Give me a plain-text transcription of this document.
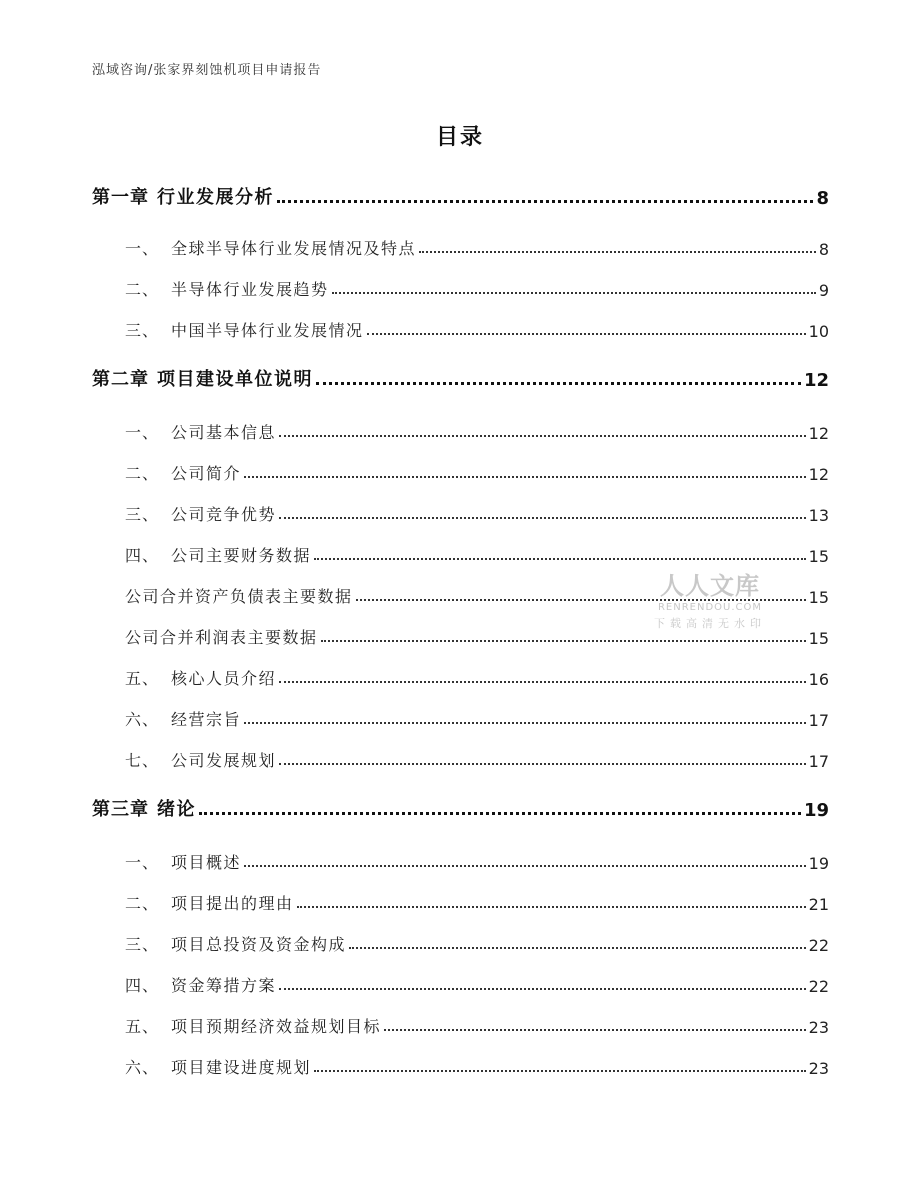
泓域咨询/张家界刻蚀机项目申请报告
目录
第一章 行业发展分析	8
一、 全球半导体行业发展情况及特点	8
二、 半导体行业发展趋势	9
三、 中国半导体行业发展情况	10
第二章 项目建设单位说明	12
一、 公司基本信息	12
二、 公司简介	12
三、 公司竞争优势	13
四、 公司主要财务数据	15
公司合并资产负债表主要数据	15
公司合并利润表主要数据	15
五、 核心人员介绍	16
六、 经营宗旨	17
七、 公司发展规划	17
第三章 绪论	19
一、 项目概述	19
二、 项目提出的理由	21
三、 项目总投资及资金构成	22
四、 资金筹措方案	22
五、 项目预期经济效益规划目标	23
六、 项目建设进度规划	23
人人文库
RENRENDOU.COM
下载高清无水印
